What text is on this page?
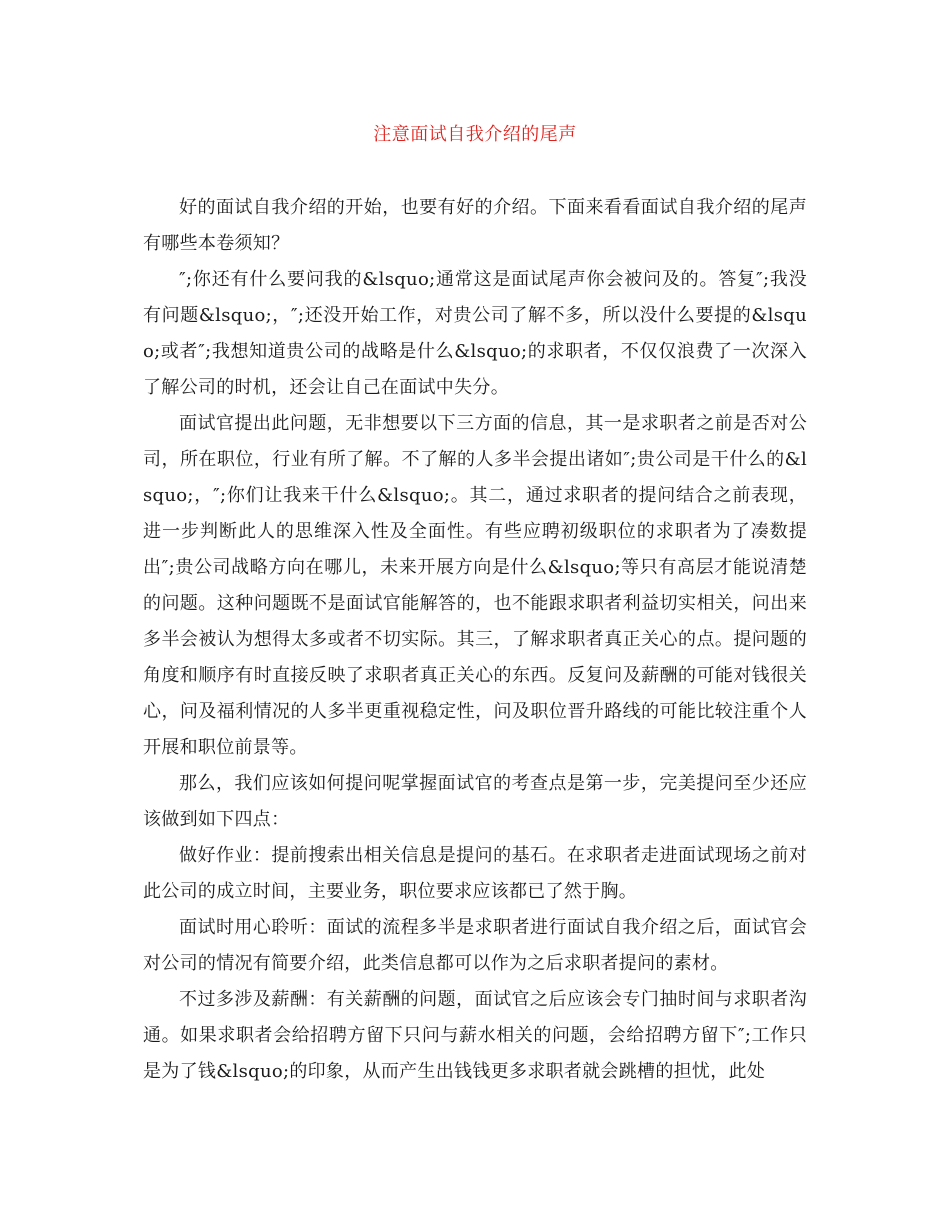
注意面试自我介绍的尾声

好的面试自我介绍的开始，也要有好的介绍。下面来看看面试自我介绍的尾声有哪些本卷须知？

″;你还有什么要问我的&lsquo;通常这是面试尾声你会被问及的。答复″;我没有问题&lsquo;，″;还没开始工作，对贵公司了解不多，所以没什么要提的&lsquo;或者″;我想知道贵公司的战略是什么&lsquo;的求职者，不仅仅浪费了一次深入了解公司的时机，还会让自己在面试中失分。

面试官提出此问题，无非想要以下三方面的信息，其一是求职者之前是否对公司，所在职位，行业有所了解。不了解的人多半会提出诸如″;贵公司是干什么的&lsquo;，″;你们让我来干什么&lsquo;。其二，通过求职者的提问结合之前表现，进一步判断此人的思维深入性及全面性。有些应聘初级职位的求职者为了凑数提出″;贵公司战略方向在哪儿，未来开展方向是什么&lsquo;等只有高层才能说清楚的问题。这种问题既不是面试官能解答的，也不能跟求职者利益切实相关，问出来多半会被认为想得太多或者不切实际。其三，了解求职者真正关心的点。提问题的角度和顺序有时直接反映了求职者真正关心的东西。反复问及薪酬的可能对钱很关心，问及福利情况的人多半更重视稳定性，问及职位晋升路线的可能比较注重个人开展和职位前景等。

那么，我们应该如何提问呢掌握面试官的考查点是第一步，完美提问至少还应该做到如下四点：

做好作业：提前搜索出相关信息是提问的基石。在求职者走进面试现场之前对此公司的成立时间，主要业务，职位要求应该都已了然于胸。

面试时用心聆听：面试的流程多半是求职者进行面试自我介绍之后，面试官会对公司的情况有简要介绍，此类信息都可以作为之后求职者提问的素材。

不过多涉及薪酬：有关薪酬的问题，面试官之后应该会专门抽时间与求职者沟通。如果求职者会给招聘方留下只问与薪水相关的问题，会给招聘方留下″;工作只是为了钱&lsquo;的印象，从而产生出钱钱更多求职者就会跳槽的担忧，此处
